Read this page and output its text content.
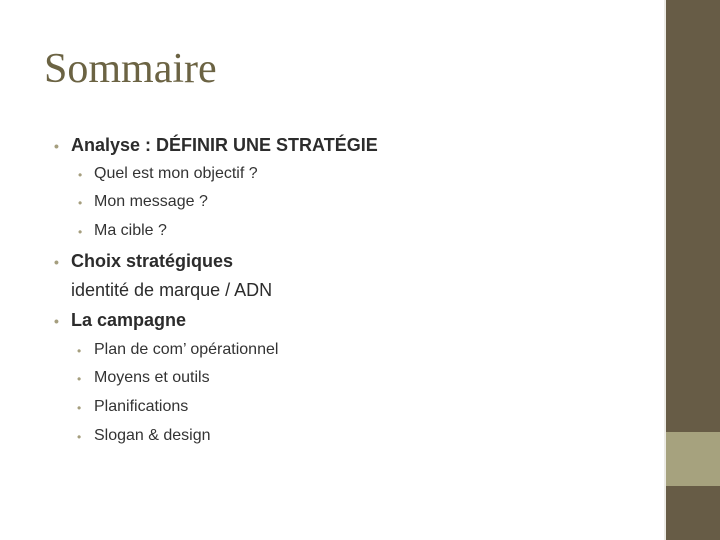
Sommaire
• Analyse : DÉFINIR UNE STRATÉGIE
• Quel est mon objectif ?
• Mon message ?
• Ma cible ?
• Choix stratégiques
identité de marque / ADN
• La campagne
• Plan de com’ opérationnel
• Moyens et outils
• Planifications
• Slogan & design
